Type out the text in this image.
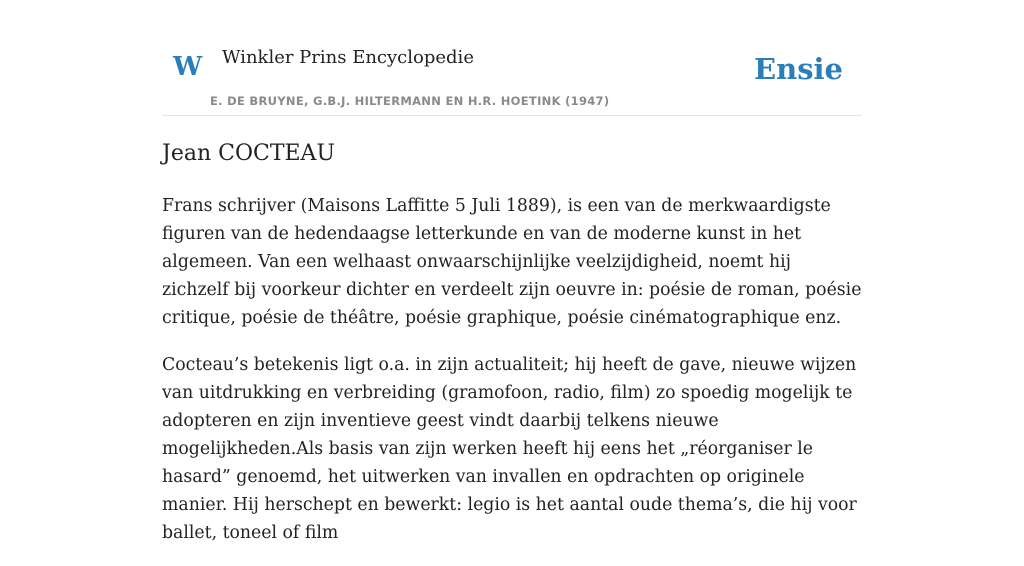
W Winkler Prins Encyclopedie
E. DE BRUYNE, G.B.J. HILTERMANN EN H.R. HOETINK (1947)
Ensie
Jean COCTEAU

Frans schrijver (Maisons Laffitte 5 Juli 1889), is een van de merkwaardigste figuren van de hedendaagse letterkunde en van de moderne kunst in het algemeen. Van een welhaast onwaarschijnlijke veelzijdigheid, noemt hij zichzelf bij voorkeur dichter en verdeelt zijn oeuvre in: poésie de roman, poésie critique, poésie de théâtre, poésie graphique, poésie cinématographique enz.

Cocteau’s betekenis ligt o.a. in zijn actualiteit; hij heeft de gave, nieuwe wijzen van uitdrukking en verbreiding (gramofoon, radio, film) zo spoedig mogelijk te adopteren en zijn inventieve geest vindt daarbij telkens nieuwe mogelijkheden.Als basis van zijn werken heeft hij eens het „réorganiser le hasard” genoemd, het uitwerken van invallen en opdrachten op originele manier. Hij herschept en bewerkt: legio is het aantal oude thema’s, die hij voor ballet, toneel of film
